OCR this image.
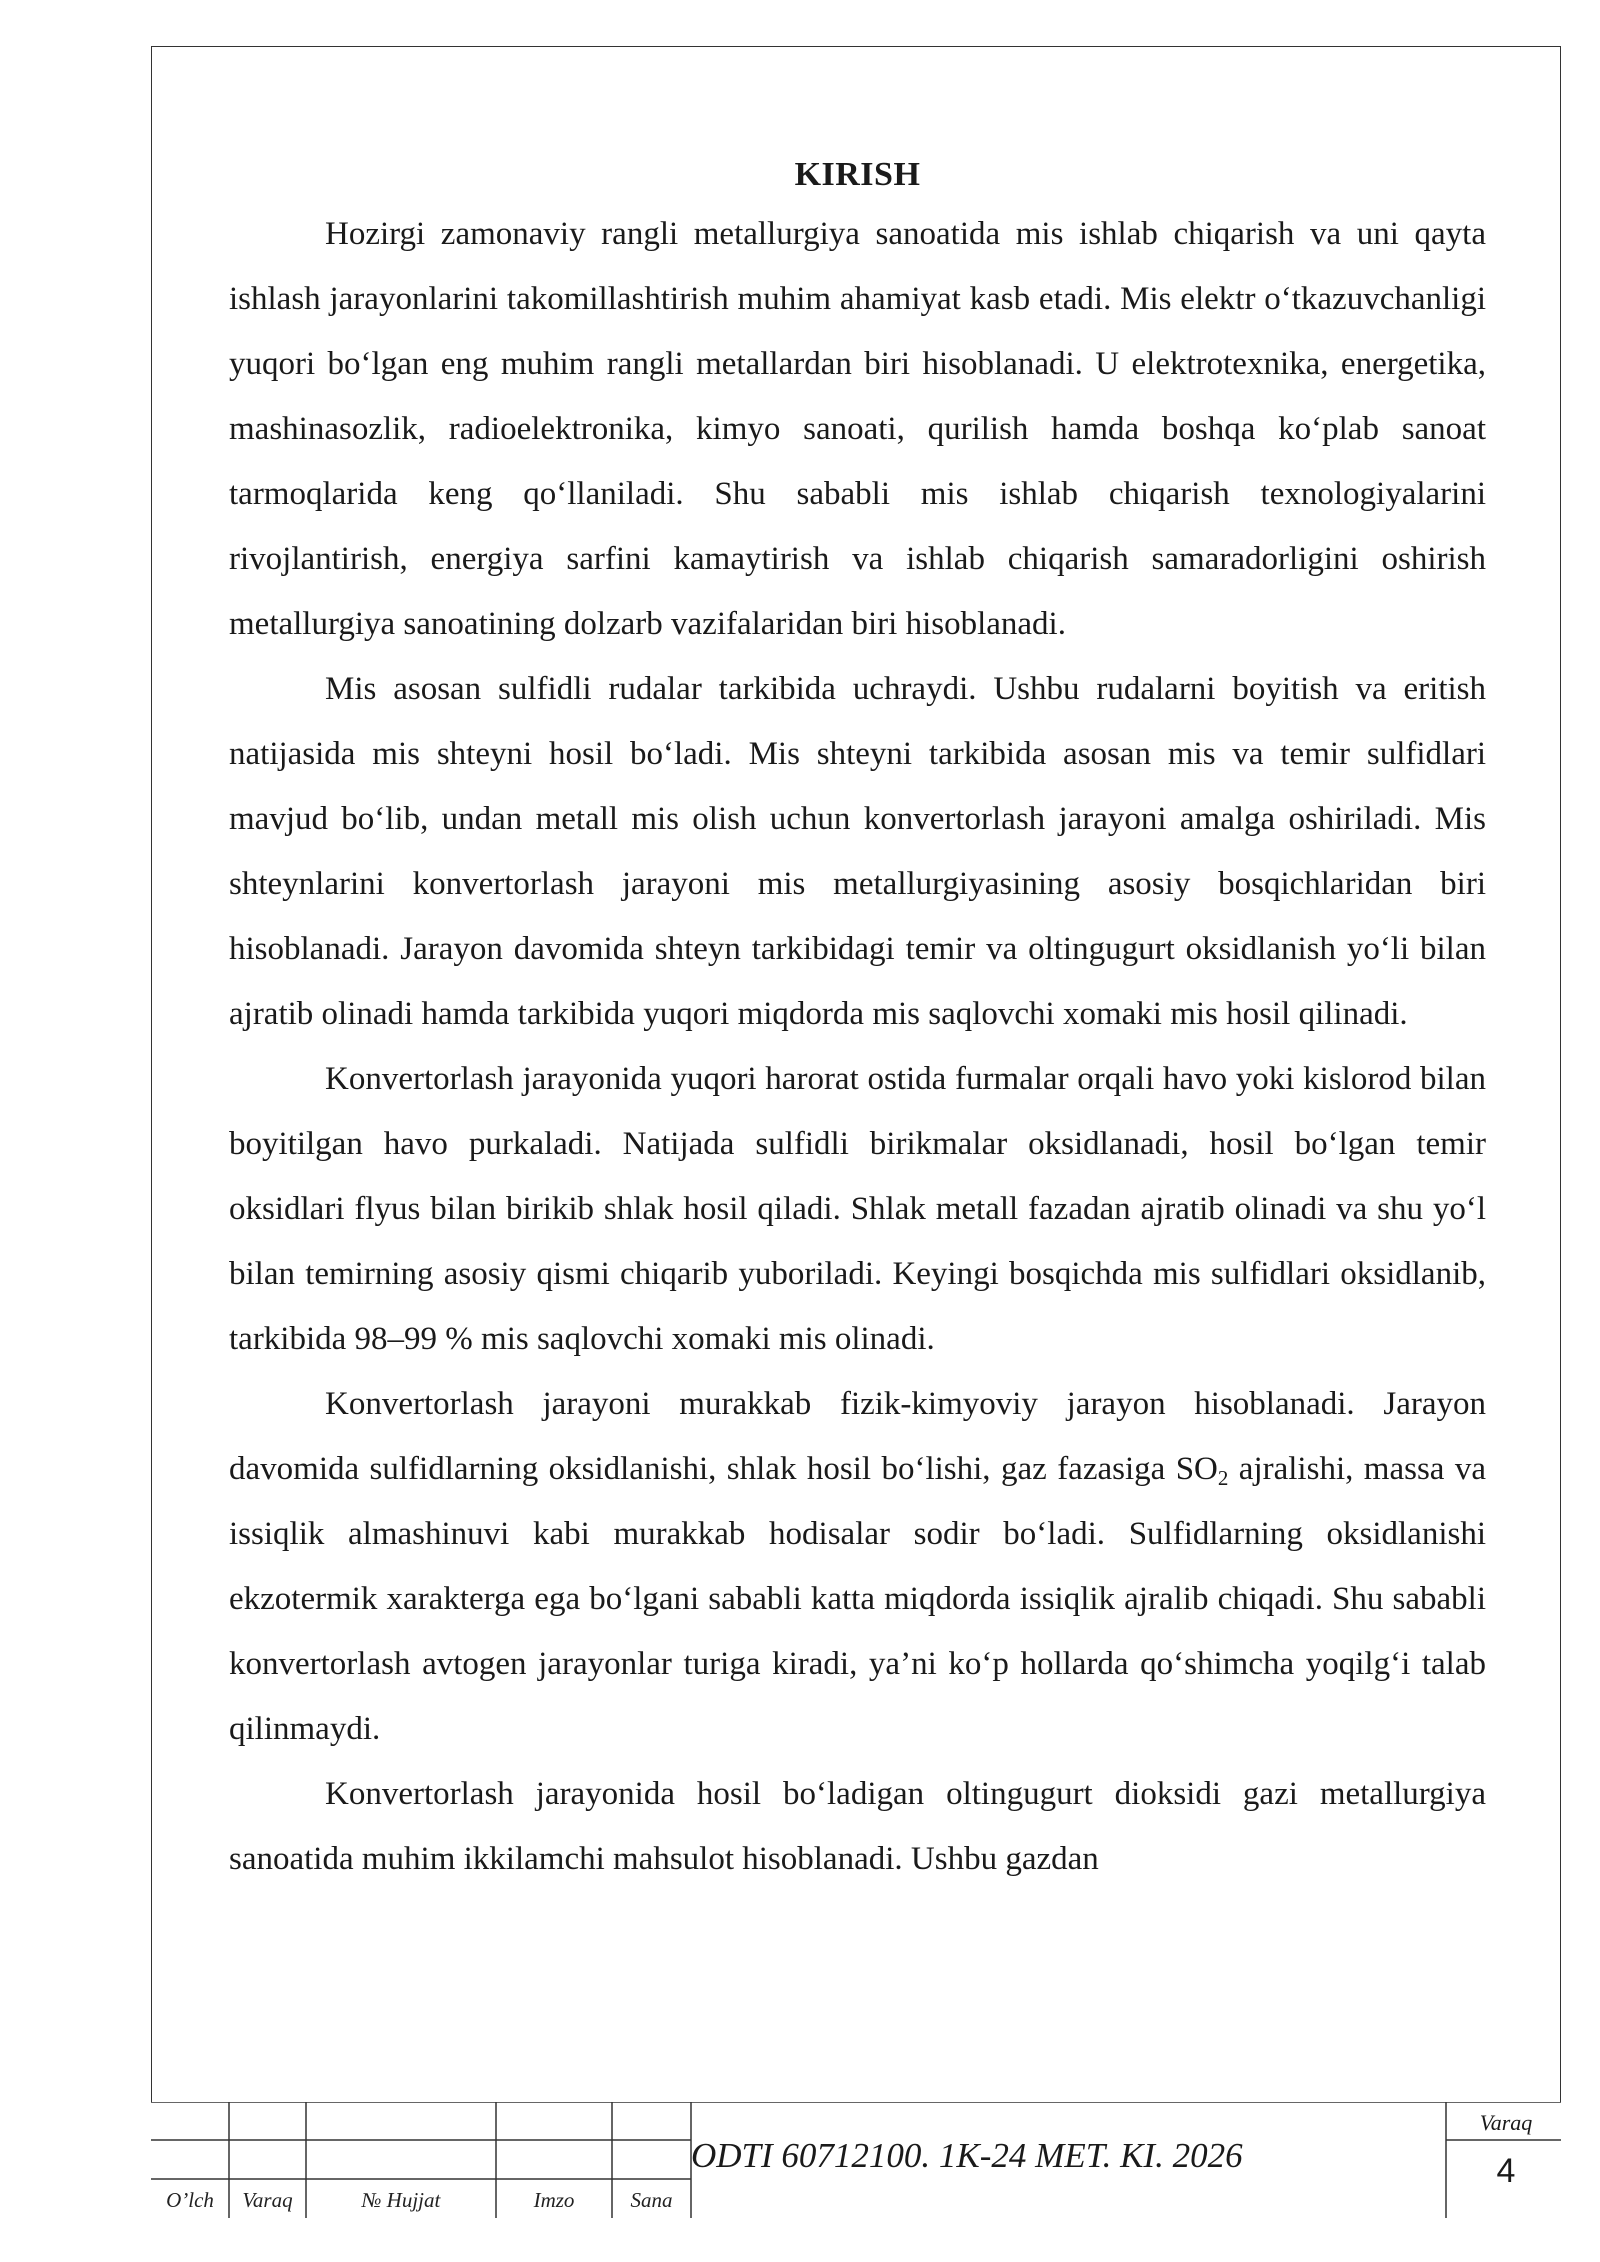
KIRISH

Hozirgi zamonaviy rangli metallurgiya sanoatida mis ishlab chiqarish va uni qayta ishlash jarayonlarini takomillashtirish muhim ahamiyat kasb etadi. Mis elektr o‘tkazuvchanligi yuqori bo‘lgan eng muhim rangli metallardan biri hisoblanadi. U elektrotexnika, energetika, mashinasozlik, radioelektronika, kimyo sanoati, qurilish hamda boshqa ko‘plab sanoat tarmoqlarida keng qo‘llaniladi. Shu sababli mis ishlab chiqarish texnologiyalarini rivojlantirish, energiya sarfini kamaytirish va ishlab chiqarish samaradorligini oshirish metallurgiya sanoatining dolzarb vazifalaridan biri hisoblanadi.

Mis asosan sulfidli rudalar tarkibida uchraydi. Ushbu rudalarni boyitish va eritish natijasida mis shteyni hosil bo‘ladi. Mis shteyni tarkibida asosan mis va temir sulfidlari mavjud bo‘lib, undan metall mis olish uchun konvertorlash jarayoni amalga oshiriladi. Mis shteynlarini konvertorlash jarayoni mis metallurgiyasining asosiy bosqichlaridan biri hisoblanadi. Jarayon davomida shteyn tarkibidagi temir va oltingugurt oksidlanish yo‘li bilan ajratib olinadi hamda tarkibida yuqori miqdorda mis saqlovchi xomaki mis hosil qilinadi.

Konvertorlash jarayonida yuqori harorat ostida furmalar orqali havo yoki kislorod bilan boyitilgan havo purkaladi. Natijada sulfidli birikmalar oksidlanadi, hosil bo‘lgan temir oksidlari flyus bilan birikib shlak hosil qiladi. Shlak metall fazadan ajratib olinadi va shu yo‘l bilan temirning asosiy qismi chiqarib yuboriladi. Keyingi bosqichda mis sulfidlari oksidlanib, tarkibida 98–99 % mis saqlovchi xomaki mis olinadi.

Konvertorlash jarayoni murakkab fizik-kimyoviy jarayon hisoblanadi. Jarayon davomida sulfidlarning oksidlanishi, shlak hosil bo‘lishi, gaz fazasiga $SO_2$ ajralishi, massa va issiqlik almashinuvi kabi murakkab hodisalar sodir bo‘ladi. Sulfidlarning oksidlanishi ekzotermik xarakterga ega bo‘lgani sababli katta miqdorda issiqlik ajralib chiqadi. Shu sababli konvertorlash avtogen jarayonlar turiga kiradi, ya’ni ko‘p hollarda qo‘shimcha yoqilg‘i talab qilinmaydi.

Konvertorlash jarayonida hosil bo‘ladigan oltingugurt dioksidi gazi metallurgiya sanoatida muhim ikkilamchi mahsulot hisoblanadi. Ushbu gazdan

O’lch	Varaq	№ Hujjat	Imzo	Sana
ODTI 60712100. 1K-24 MET. KI. 2026
Varaq
4
